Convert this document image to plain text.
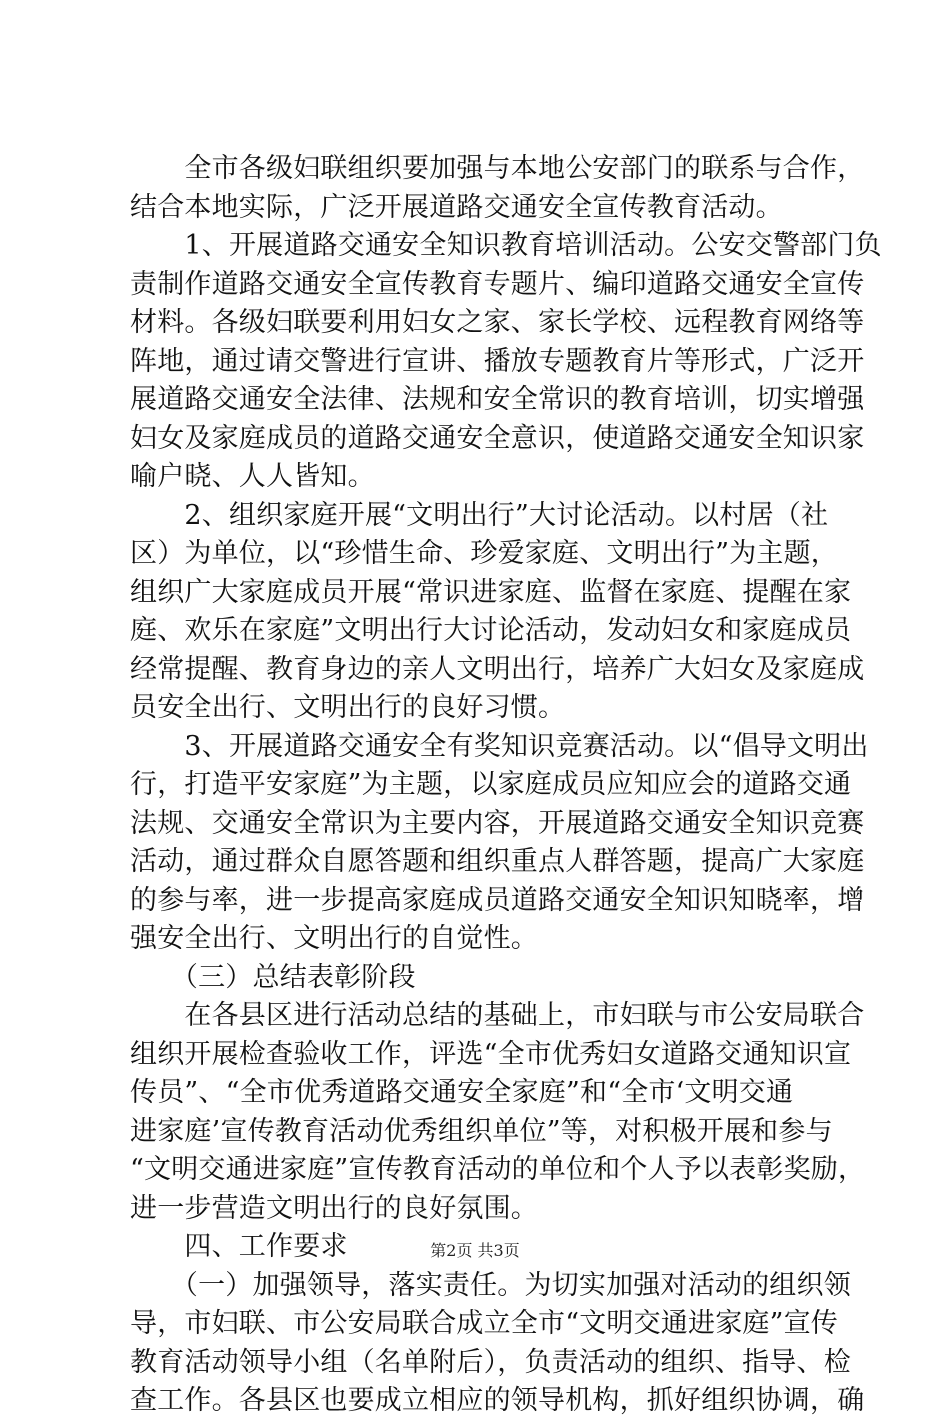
　　全市各级妇联组织要加强与本地公安部门的联系与合作，
结合本地实际，广泛开展道路交通安全宣传教育活动。
　　1、开展道路交通安全知识教育培训活动。公安交警部门负
责制作道路交通安全宣传教育专题片、编印道路交通安全宣传
材料。各级妇联要利用妇女之家、家长学校、远程教育网络等
阵地，通过请交警进行宣讲、播放专题教育片等形式，广泛开
展道路交通安全法律、法规和安全常识的教育培训，切实增强
妇女及家庭成员的道路交通安全意识，使道路交通安全知识家
喻户晓、人人皆知。
　　2、组织家庭开展“文明出行”大讨论活动。以村居（社
区）为单位，以“珍惜生命、珍爱家庭、文明出行”为主题，
组织广大家庭成员开展“常识进家庭、监督在家庭、提醒在家
庭、欢乐在家庭”文明出行大讨论活动，发动妇女和家庭成员
经常提醒、教育身边的亲人文明出行，培养广大妇女及家庭成
员安全出行、文明出行的良好习惯。
　　3、开展道路交通安全有奖知识竞赛活动。以“倡导文明出
行，打造平安家庭”为主题，以家庭成员应知应会的道路交通
法规、交通安全常识为主要内容，开展道路交通安全知识竞赛
活动，通过群众自愿答题和组织重点人群答题，提高广大家庭
的参与率，进一步提高家庭成员道路交通安全知识知晓率，增
强安全出行、文明出行的自觉性。
　　（三）总结表彰阶段
　　在各县区进行活动总结的基础上，市妇联与市公安局联合
组织开展检查验收工作，评选“全市优秀妇女道路交通知识宣
传员”、“全市优秀道路交通安全家庭”和“全市‘文明交通
进家庭’宣传教育活动优秀组织单位”等，对积极开展和参与
“文明交通进家庭”宣传教育活动的单位和个人予以表彰奖励，
进一步营造文明出行的良好氛围。
　　四、工作要求
　　（一）加强领导，落实责任。为切实加强对活动的组织领
导，市妇联、市公安局联合成立全市“文明交通进家庭”宣传
教育活动领导小组（名单附后），负责活动的组织、指导、检
查工作。各县区也要成立相应的领导机构，抓好组织协调，确
第2页 共3页
